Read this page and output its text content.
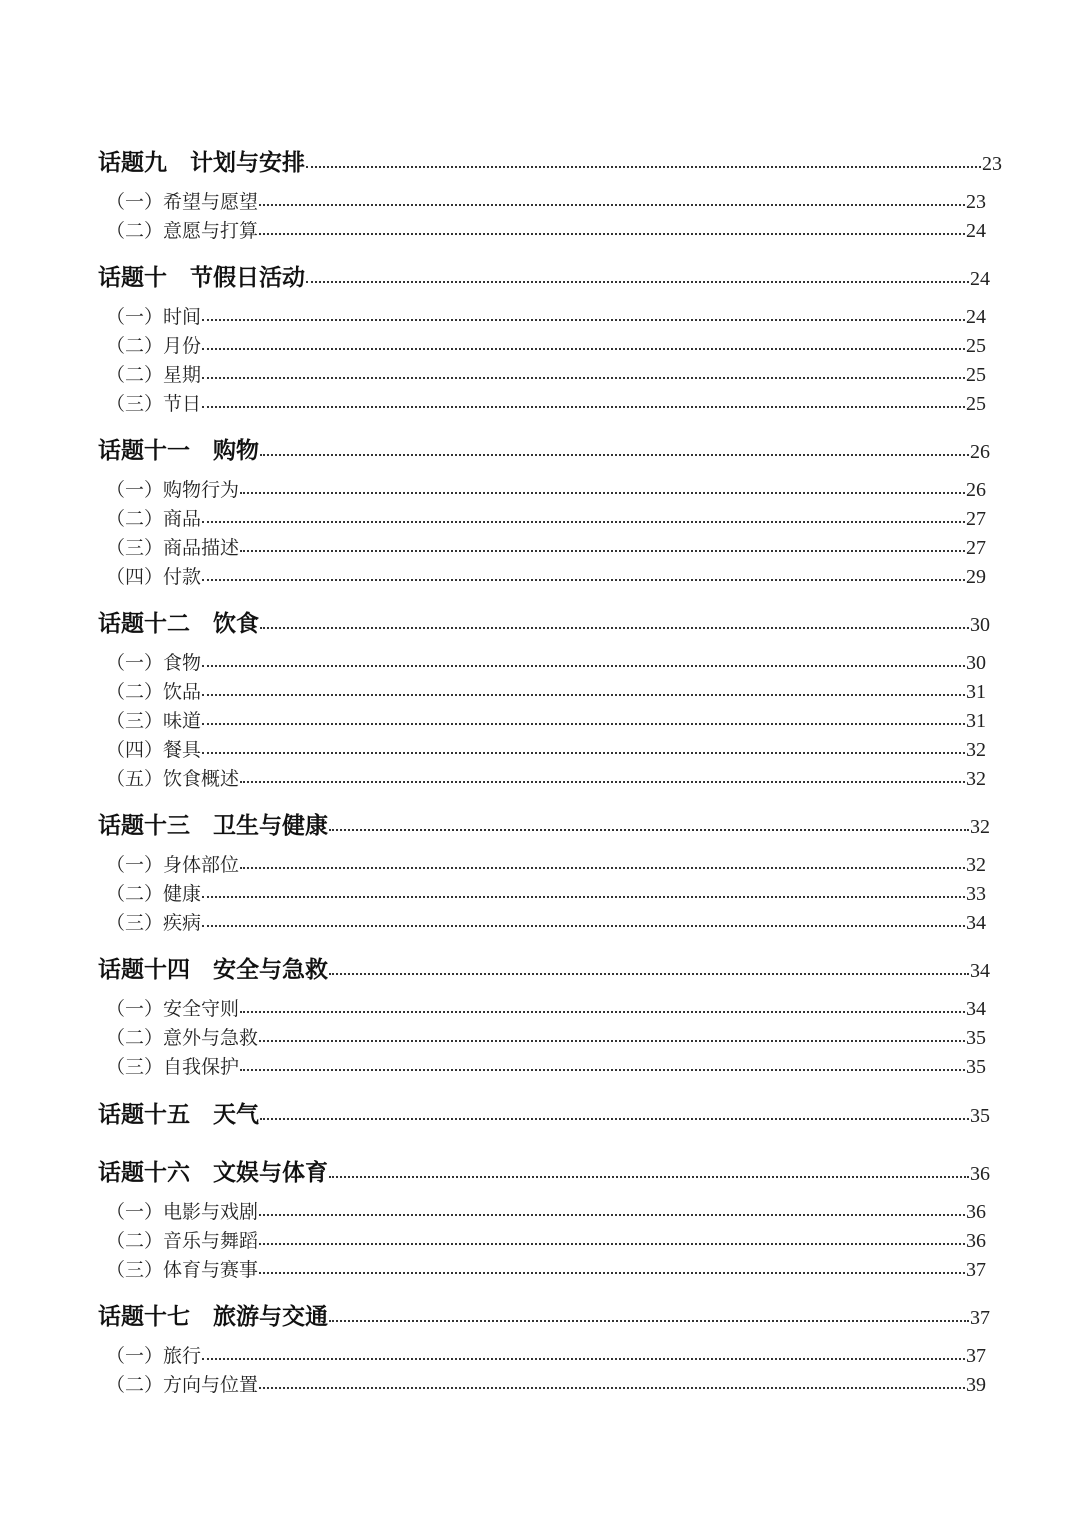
话题九　计划与安排	23
（一）希望与愿望	23
（二）意愿与打算	24
话题十　节假日活动	24
（一）时间	24
（二）月份	25
（二）星期	25
（三）节日	25
话题十一　购物	26
（一）购物行为	26
（二）商品	27
（三）商品描述	27
（四）付款	29
话题十二　饮食	30
（一）食物	30
（二）饮品	31
（三）味道	31
（四）餐具	32
（五）饮食概述	32
话题十三　卫生与健康	32
（一）身体部位	32
（二）健康	33
（三）疾病	34
话题十四　安全与急救	34
（一）安全守则	34
（二）意外与急救	35
（三）自我保护	35
话题十五　天气	35
话题十六　文娱与体育	36
（一）电影与戏剧	36
（二）音乐与舞蹈	36
（三）体育与赛事	37
话题十七　旅游与交通	37
（一）旅行	37
（二）方向与位置	39
